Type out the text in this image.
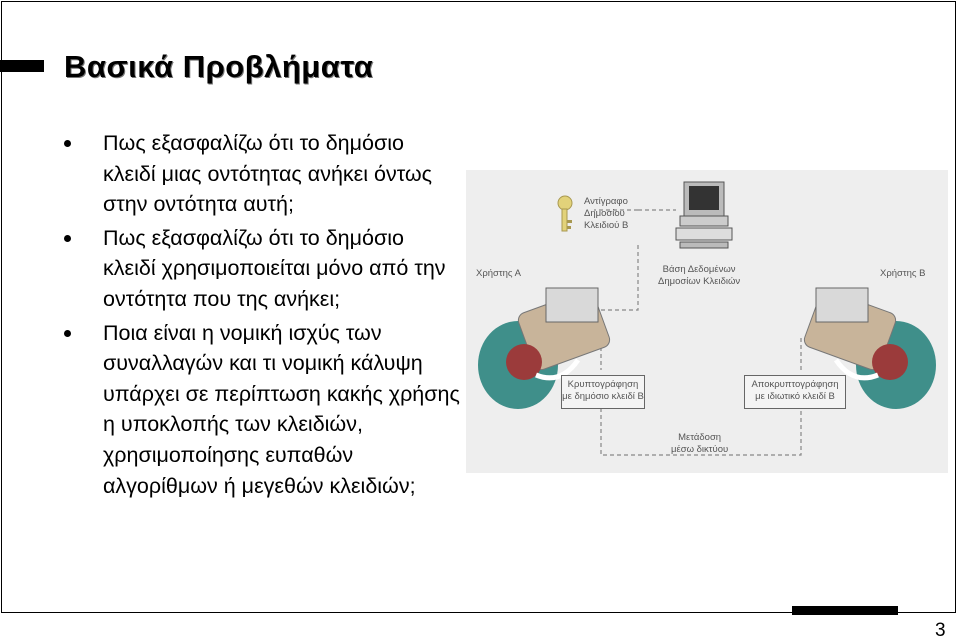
Βασικά Προβλήματα
Πως εξασφαλίζω ότι το δημόσιο κλειδί μιας οντότητας ανήκει όντως στην οντότητα αυτή;
Πως εξασφαλίζω ότι το δημόσιο κλειδί χρησιμοποιείται μόνο από την οντότητα που της ανήκει;
Ποια είναι η νομική ισχύς των συναλλαγών και τι νομική κάλυψη υπάρχει σε περίπτωση κακής χρήσης η υποκλοπής των κλειδιών, χρησιμοποίησης ευπαθών αλγορίθμων ή μεγεθών κλειδιών;
Αντίγραφο
Δημοσίου
Κλειδιού B
Χρήστης Α	Χρήστης Β
Βάση Δεδομένων
Δημοσίων Κλειδιών
Κρυπτογράφηση
με δημόσιο κλειδί Β
Αποκρυπτογράφηση
με ιδιωτικό κλειδί Β
Μετάδοση
μέσω δικτύου
3
